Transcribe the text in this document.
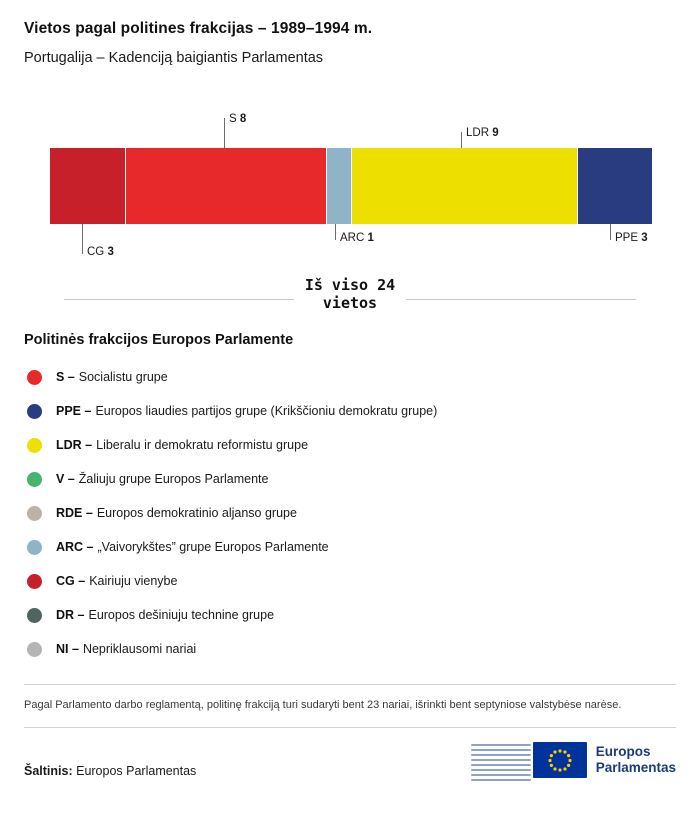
Vietos pagal politines frakcijas – 1989–1994 m.
Portugalija – Kadenciją baigiantis Parlamentas
S 8
LDR 9
CG 3
ARC 1	PPE 3
Iš viso 24
vietos
Politinės frakcijos Europos Parlamente
S – Socialistu grupe
PPE – Europos liaudies partijos grupe (Krikščioniu demokratu grupe)
LDR – Liberalu ir demokratu reformistu grupe
V – Žaliuju grupe Europos Parlamente
RDE – Europos demokratinio aljanso grupe
ARC – „Vaivorykštes” grupe Europos Parlamente
CG – Kairiuju vienybe
DR – Europos dešiniuju technine grupe
NI – Nepriklausomi nariai
Pagal Parlamento darbo reglamentą, politinę frakciją turi sudaryti bent 23 nariai, išrinkti bent septyniose valstybėse narėse.
Šaltinis: Europos Parlamentas
Europos
Parlamentas
